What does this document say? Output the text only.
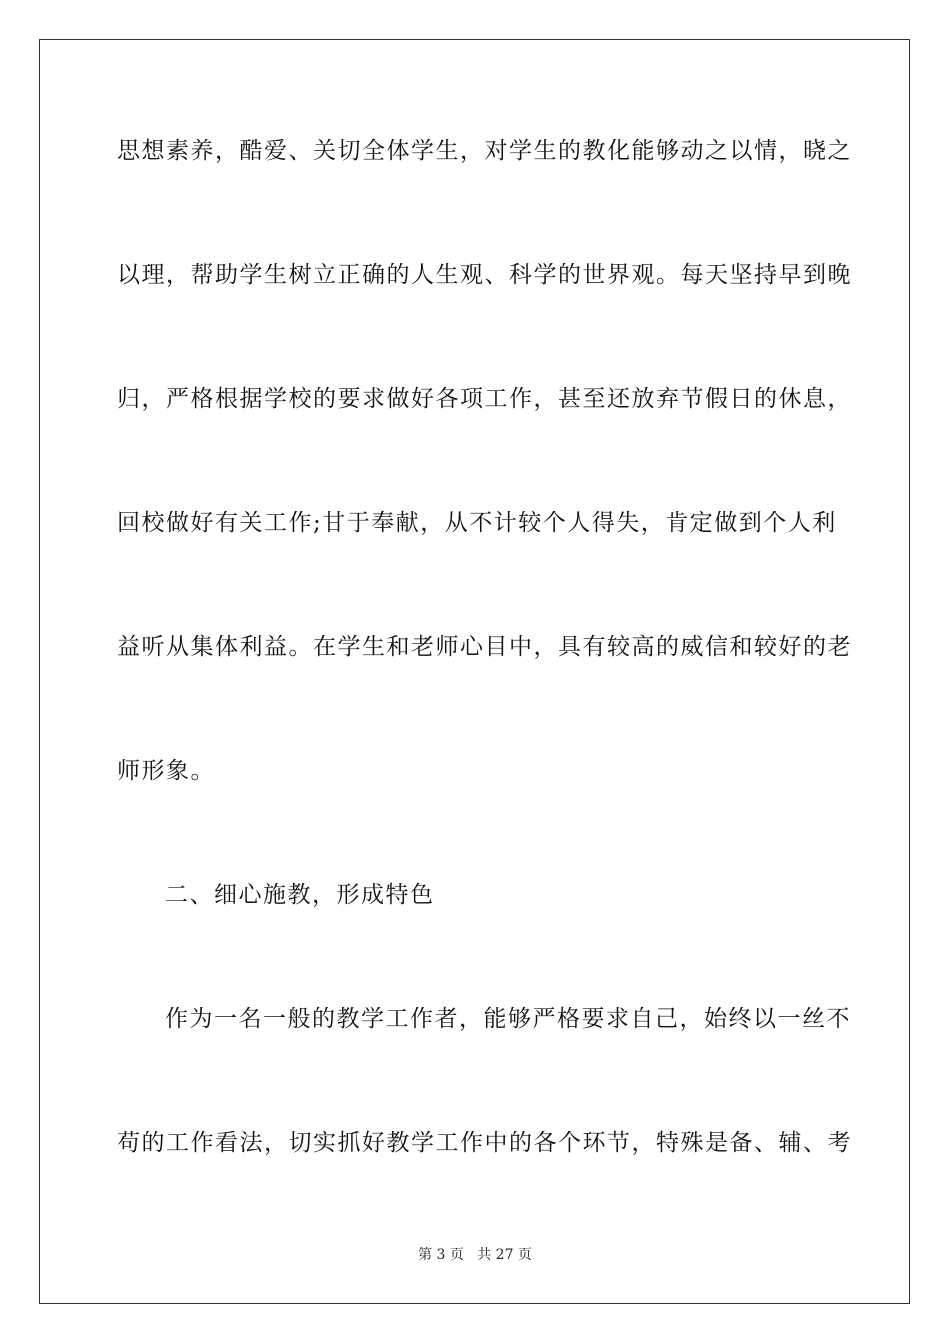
思想素养，酷爱、关切全体学生，对学生的教化能够动之以情，晓之
以理，帮助学生树立正确的人生观、科学的世界观。每天坚持早到晚
归，严格根据学校的要求做好各项工作，甚至还放弃节假日的休息，
回校做好有关工作;甘于奉献，从不计较个人得失，肯定做到个人利
益听从集体利益。在学生和老师心目中，具有较高的威信和较好的老
师形象。
二、细心施教，形成特色
作为一名一般的教学工作者，能够严格要求自己，始终以一丝不
苟的工作看法，切实抓好教学工作中的各个环节，特殊是备、辅、考
第 3 页 共 27 页
